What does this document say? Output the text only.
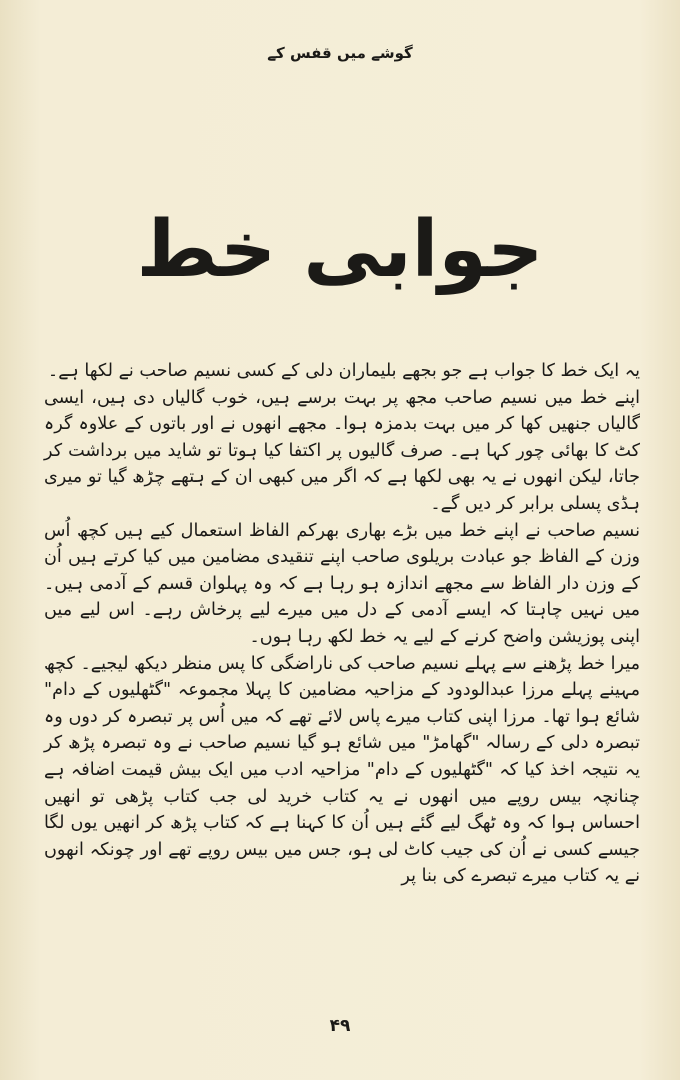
گوشے میں قفس کے
جوابی خط

یہ ایک خط کا جواب ہے جو بجھے بلیماران دلی کے کسی نسیم صاحب نے لکھا ہے۔

اپنے خط میں نسیم صاحب مجھ پر بہت برسے ہیں، خوب گالیاں دی ہیں، ایسی گالیاں جنھیں کھا کر میں بہت بدمزہ ہوا۔ مجھے انھوں نے اور باتوں کے علاوہ گرہ کٹ کا بھائی چور کہا ہے۔ صرف گالیوں پر اکتفا کیا ہوتا تو شاید میں برداشت کر جاتا، لیکن انھوں نے یہ بھی لکھا ہے کہ اگر میں کبھی ان کے ہتھے چڑھ گیا تو میری ہڈی پسلی برابر کر دیں گے۔

نسیم صاحب نے اپنے خط میں بڑے بھاری بھرکم الفاظ استعمال کیے ہیں کچھ اُس وزن کے الفاظ جو عبادت بریلوی صاحب اپنے تنقیدی مضامین میں کیا کرتے ہیں اُن کے وزن دار الفاظ سے مجھے اندازہ ہو رہا ہے کہ وہ پہلوان قسم کے آدمی ہیں۔ میں نہیں چاہتا کہ ایسے آدمی کے دل میں میرے لیے پرخاش رہے۔ اس لیے میں اپنی پوزیشن واضح کرنے کے لیے یہ خط لکھ رہا ہوں۔

میرا خط پڑھنے سے پہلے نسیم صاحب کی ناراضگی کا پس منظر دیکھ لیجیے۔ کچھ مہینے پہلے مرزا عبدالودود کے مزاحیہ مضامین کا پہلا مجموعہ "گٹھلیوں کے دام" شائع ہوا تھا۔ مرزا اپنی کتاب میرے پاس لائے تھے کہ میں اُس پر تبصرہ کر دوں وہ تبصرہ دلی کے رسالہ "گھامڑ" میں شائع ہو گیا نسیم صاحب نے وہ تبصرہ پڑھ کر یہ نتیجہ اخذ کیا کہ "گٹھلیوں کے دام" مزاحیہ ادب میں ایک بیش قیمت اضافہ ہے چنانچہ بیس روپے میں انھوں نے یہ کتاب خرید لی جب کتاب پڑھی تو انھیں احساس ہوا کہ وہ ٹھگ لیے گئے ہیں اُن کا کہنا ہے کہ کتاب پڑھ کر انھیں یوں لگا جیسے کسی نے اُن کی جیب کاٹ لی ہو، جس میں بیس روپے تھے اور چونکہ انھوں نے یہ کتاب میرے تبصرے کی بنا پر

۴۹
